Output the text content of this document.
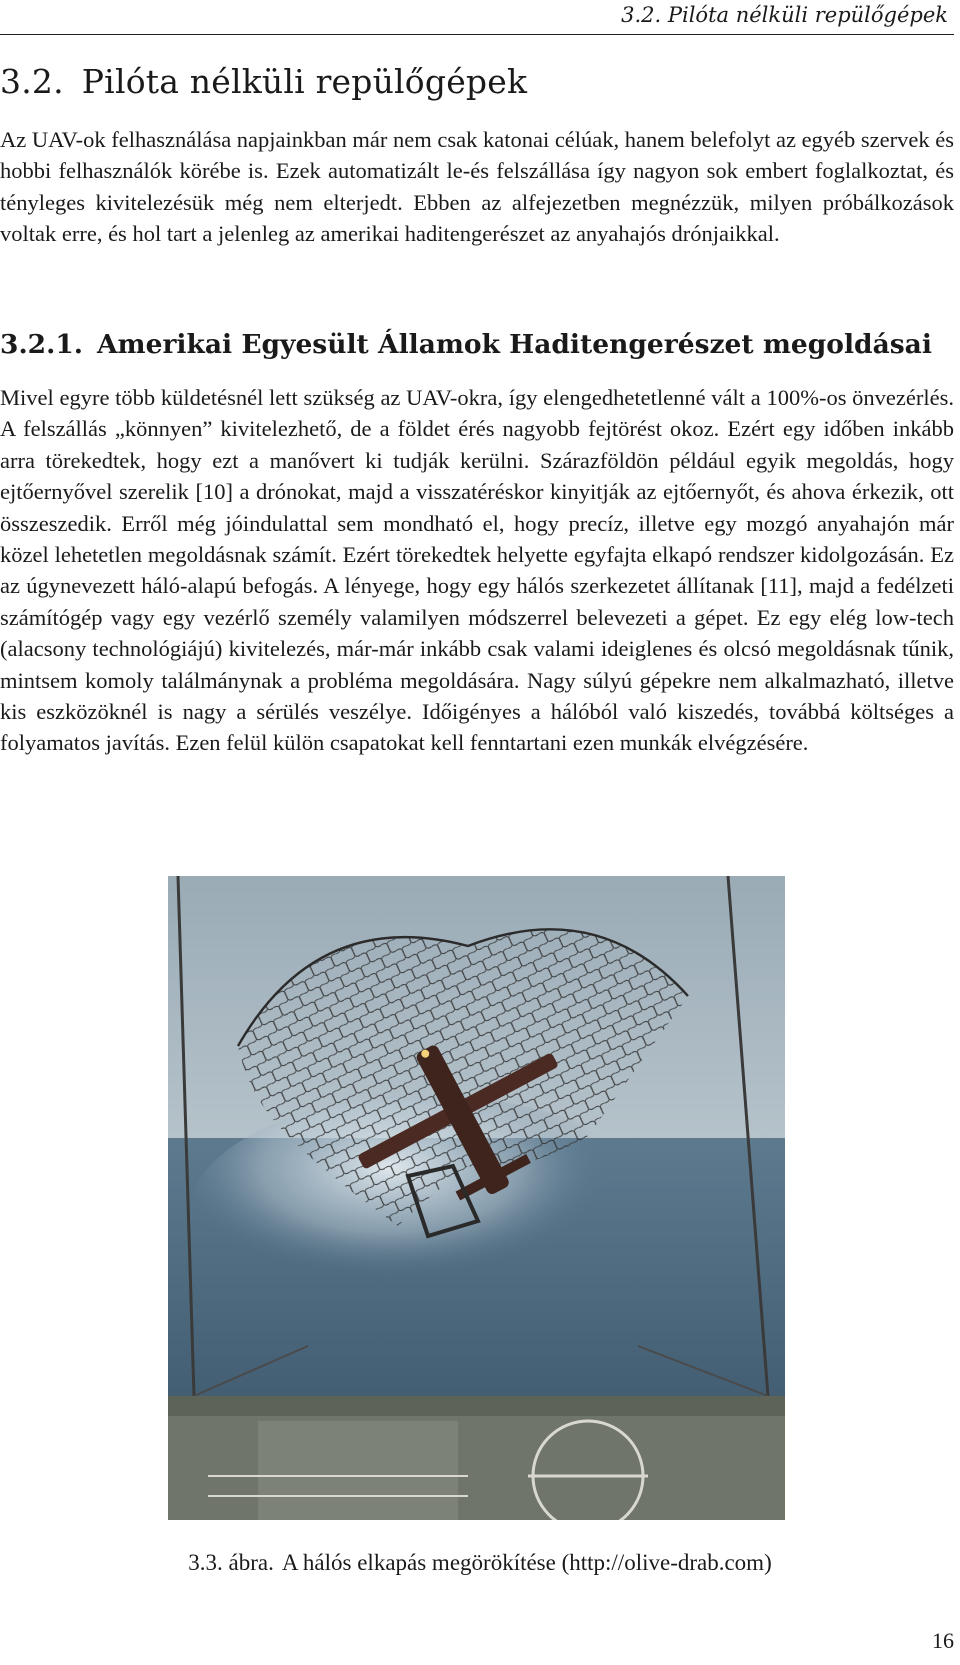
3.2. Pilóta nélküli repülőgépek
3.2. Pilóta nélküli repülőgépek

Az UAV-ok felhasználása napjainkban már nem csak katonai célúak, hanem belefolyt az egyéb szervek és hobbi felhasználók körébe is. Ezek automatizált le-és felszállása így nagyon sok embert foglalkoztat, és tényleges kivitelezésük még nem elterjedt. Ebben az alfejezetben megnézzük, milyen próbálkozások voltak erre, és hol tart a jelenleg az amerikai haditengerészet az anyahajós drónjaikkal.

3.2.1. Amerikai Egyesült Államok Haditengerészet megoldásai

Mivel egyre több küldetésnél lett szükség az UAV-okra, így elengedhetetlenné vált a 100%-os önvezérlés. A felszállás „könnyen” kivitelezhető, de a földet érés nagyobb fejtörést okoz. Ezért egy időben inkább arra törekedtek, hogy ezt a manővert ki tudják kerülni. Szárazföldön például egyik megoldás, hogy ejtőernyővel szerelik [10] a drónokat, majd a visszatéréskor kinyitják az ejtőernyőt, és ahova érkezik, ott összeszedik. Erről még jóindulattal sem mondható el, hogy precíz, illetve egy mozgó anyahajón már közel lehetetlen megoldásnak számít. Ezért törekedtek helyette egyfajta elkapó rendszer kidolgozásán. Ez az úgynevezett háló-alapú befogás. A lényege, hogy egy hálós szerkezetet állítanak [11], majd a fedélzeti számítógép vagy egy vezérlő személy valamilyen módszerrel belevezeti a gépet. Ez egy elég low-tech (alacsony technológiájú) kivitelezés, már-már inkább csak valami ideiglenes és olcsó megoldásnak tűnik, mintsem komoly találmánynak a probléma megoldására. Nagy súlyú gépekre nem alkalmazható, illetve kis eszközöknél is nagy a sérülés veszélye. Időigényes a hálóból való kiszedés, továbbá költséges a folyamatos javítás. Ezen felül külön csapatokat kell fenntartani ezen munkák elvégzésére.

3.3. ábra. A hálós elkapás megörökítése (http://olive-drab.com)
16
